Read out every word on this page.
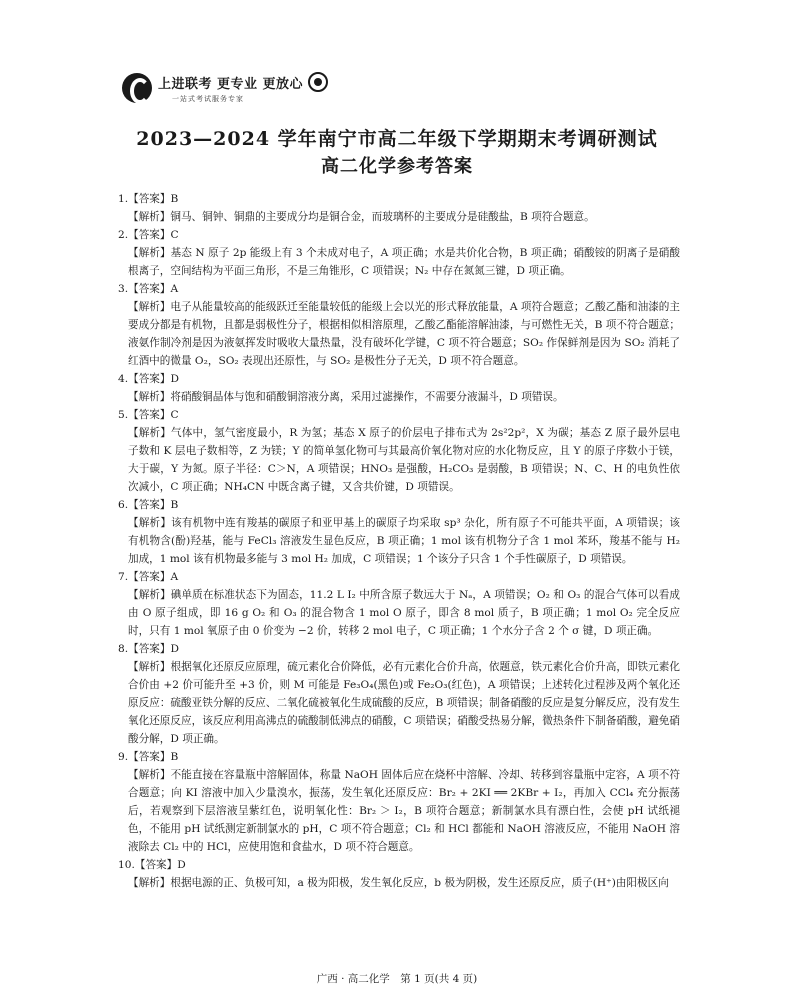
上进联考 更专业 更放心
一站式考试服务专家
2023—2024 学年南宁市高二年级下学期期末考调研测试
高二化学参考答案

1.【答案】B

【解析】铜马、铜钟、铜鼎的主要成分均是铜合金，而玻璃杯的主要成分是硅酸盐，B 项符合题意。

2.【答案】C

【解析】基态 N 原子 2p 能级上有 3 个未成对电子，A 项正确；水是共价化合物，B 项正确；硝酸铵的阴离子是硝酸根离子，空间结构为平面三角形，不是三角锥形，C 项错误；N₂ 中存在氮氮三键，D 项正确。

3.【答案】A

【解析】电子从能量较高的能级跃迁至能量较低的能级上会以光的形式释放能量，A 项符合题意；乙酸乙酯和油漆的主要成分都是有机物，且都是弱极性分子，根据相似相溶原理，乙酸乙酯能溶解油漆，与可燃性无关，B 项不符合题意；液氨作制冷剂是因为液氨挥发时吸收大量热量，没有破坏化学键，C 项不符合题意；SO₂ 作保鲜剂是因为 SO₂ 消耗了红酒中的微量 O₂，SO₂ 表现出还原性，与 SO₂ 是极性分子无关，D 项不符合题意。

4.【答案】D

【解析】将硝酸铜晶体与饱和硝酸铜溶液分离，采用过滤操作，不需要分液漏斗，D 项错误。

5.【答案】C

【解析】气体中，氢气密度最小，R 为氢；基态 X 原子的价层电子排布式为 2s²2p²，X 为碳；基态 Z 原子最外层电子数和 K 层电子数相等，Z 为镁；Y 的简单氢化物可与其最高价氧化物对应的水化物反应，且 Y 的原子序数小于镁，大于碳，Y 为氮。原子半径：C＞N，A 项错误；HNO₃ 是强酸，H₂CO₃ 是弱酸，B 项错误；N、C、H 的电负性依次减小，C 项正确；NH₄CN 中既含离子键，又含共价键，D 项错误。

6.【答案】B

【解析】该有机物中连有羧基的碳原子和亚甲基上的碳原子均采取 sp³ 杂化，所有原子不可能共平面，A 项错误；该有机物含(酚)羟基，能与 FeCl₃ 溶液发生显色反应，B 项正确；1 mol 该有机物分子含 1 mol 苯环，羧基不能与 H₂ 加成，1 mol 该有机物最多能与 3 mol H₂ 加成，C 项错误；1 个该分子只含 1 个手性碳原子，D 项错误。

7.【答案】A

【解析】碘单质在标准状态下为固态，11.2 L I₂ 中所含原子数远大于 Nₐ，A 项错误；O₂ 和 O₃ 的混合气体可以看成由 O 原子组成，即 16 g O₂ 和 O₃ 的混合物含 1 mol O 原子，即含 8 mol 质子，B 项正确；1 mol O₂ 完全反应时，只有 1 mol 氧原子由 0 价变为 −2 价，转移 2 mol 电子，C 项正确；1 个水分子含 2 个 σ 键，D 项正确。

8.【答案】D

【解析】根据氧化还原反应原理，硫元素化合价降低，必有元素化合价升高，依题意，铁元素化合价升高，即铁元素化合价由 +2 价可能升至 +3 价，则 M 可能是 Fe₃O₄(黑色)或 Fe₂O₃(红色)，A 项错误；上述转化过程涉及两个氧化还原反应：硫酸亚铁分解的反应、二氧化硫被氧化生成硫酸的反应，B 项错误；制备硝酸的反应是复分解反应，没有发生氧化还原反应，该反应利用高沸点的硫酸制低沸点的硝酸，C 项错误；硝酸受热易分解，微热条件下制备硝酸，避免硝酸分解，D 项正确。

9.【答案】B

【解析】不能直接在容量瓶中溶解固体，称量 NaOH 固体后应在烧杯中溶解、冷却、转移到容量瓶中定容，A 项不符合题意；向 KI 溶液中加入少量溴水，振荡，发生氧化还原反应：Br₂ + 2KI ══ 2KBr + I₂，再加入 CCl₄ 充分振荡后，若观察到下层溶液呈紫红色，说明氧化性：Br₂ ＞ I₂，B 项符合题意；新制氯水具有漂白性，会使 pH 试纸褪色，不能用 pH 试纸测定新制氯水的 pH，C 项不符合题意；Cl₂ 和 HCl 都能和 NaOH 溶液反应，不能用 NaOH 溶液除去 Cl₂ 中的 HCl，应使用饱和食盐水，D 项不符合题意。

10.【答案】D

【解析】根据电源的正、负极可知，a 极为阳极，发生氧化反应，b 极为阴极，发生还原反应，质子(H⁺)由阳极区向

广西 · 高二化学　第 1 页(共 4 页)
